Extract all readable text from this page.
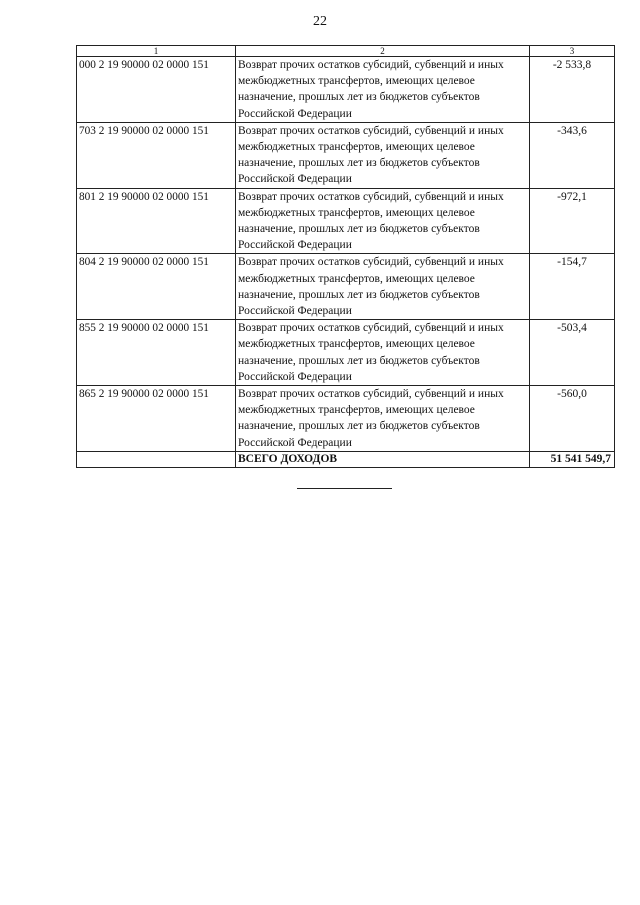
22
1	2	3
000 2 19 90000 02 0000 151	Возврат прочих остатков субсидий, субвенций и иных межбюджетных трансфертов, имеющих целевое назначение, прошлых лет из бюджетов субъектов Российской Федерации	-2 533,8
703 2 19 90000 02 0000 151	Возврат прочих остатков субсидий, субвенций и иных межбюджетных трансфертов, имеющих целевое назначение, прошлых лет из бюджетов субъектов Российской Федерации	-343,6
801 2 19 90000 02 0000 151	Возврат прочих остатков субсидий, субвенций и иных межбюджетных трансфертов, имеющих целевое назначение, прошлых лет из бюджетов субъектов Российской Федерации	-972,1
804 2 19 90000 02 0000 151	Возврат прочих остатков субсидий, субвенций и иных межбюджетных трансфертов, имеющих целевое назначение, прошлых лет из бюджетов субъектов Российской Федерации	-154,7
855 2 19 90000 02 0000 151	Возврат прочих остатков субсидий, субвенций и иных межбюджетных трансфертов, имеющих целевое назначение, прошлых лет из бюджетов субъектов Российской Федерации	-503,4
865 2 19 90000 02 0000 151	Возврат прочих остатков субсидий, субвенций и иных межбюджетных трансфертов, имеющих целевое назначение, прошлых лет из бюджетов субъектов Российской Федерации	-560,0
	ВСЕГО ДОХОДОВ	51 541 549,7
